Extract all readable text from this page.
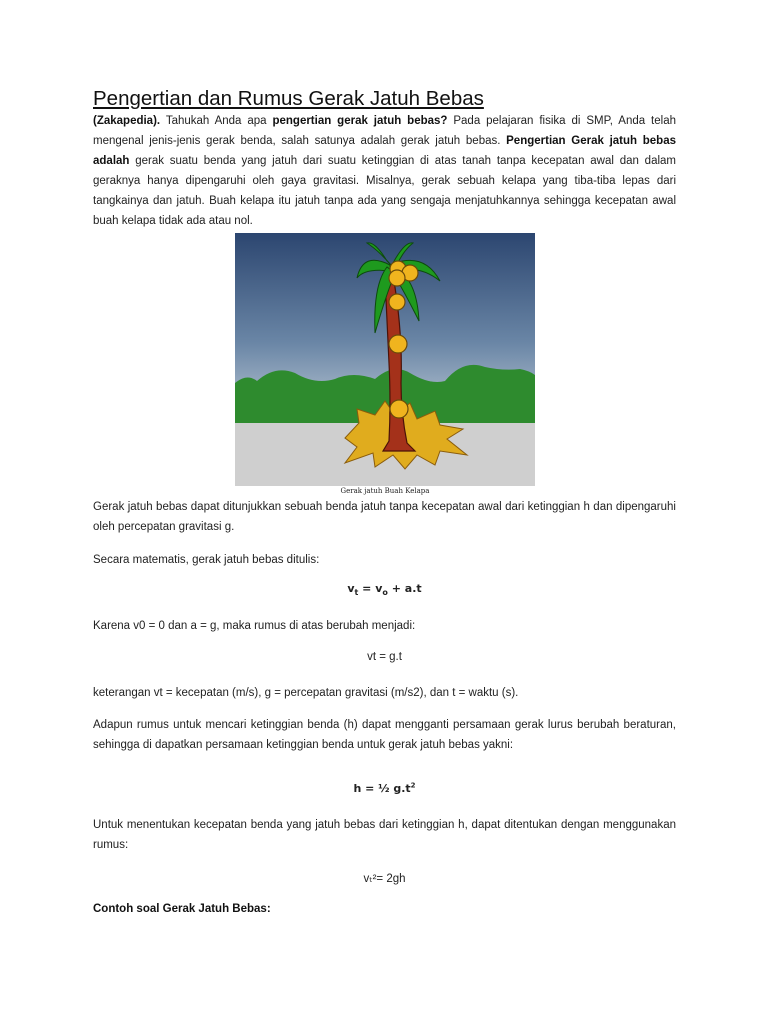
Pengertian dan Rumus Gerak Jatuh Bebas

(Zakapedia). Tahukah Anda apa pengertian gerak jatuh bebas? Pada pelajaran fisika di SMP, Anda telah mengenal jenis-jenis gerak benda, salah satunya adalah gerak jatuh bebas. Pengertian Gerak jatuh bebas adalah gerak suatu benda yang jatuh dari suatu ketinggian di atas tanah tanpa kecepatan awal dan dalam geraknya hanya dipengaruhi oleh gaya gravitasi. Misalnya, gerak sebuah kelapa yang tiba-tiba lepas dari tangkainya dan jatuh. Buah kelapa itu jatuh tanpa ada yang sengaja menjatuhkannya sehingga kecepatan awal buah kelapa tidak ada atau nol.

Gerak jatuh Buah Kelapa

Gerak jatuh bebas dapat ditunjukkan sebuah benda jatuh tanpa kecepatan awal dari ketinggian h dan dipengaruhi oleh percepatan gravitasi g.

Secara matematis, gerak jatuh bebas ditulis:

$v_t = v_o + a.t$

Karena v0 = 0 dan a = g, maka rumus di atas berubah menjadi:

vt = g.t

keterangan vt = kecepatan (m/s), g = percepatan gravitasi (m/s2), dan t = waktu (s).

Adapun rumus untuk mencari ketinggian benda (h) dapat mengganti persamaan gerak lurus berubah beraturan, sehingga di dapatkan persamaan ketinggian benda untuk gerak jatuh bebas yakni:

h = ½ $g.t^2$

Untuk menentukan kecepatan benda yang jatuh bebas dari ketinggian h, dapat ditentukan dengan menggunakan rumus:

vₜ²= 2gh

Contoh soal Gerak Jatuh Bebas:
